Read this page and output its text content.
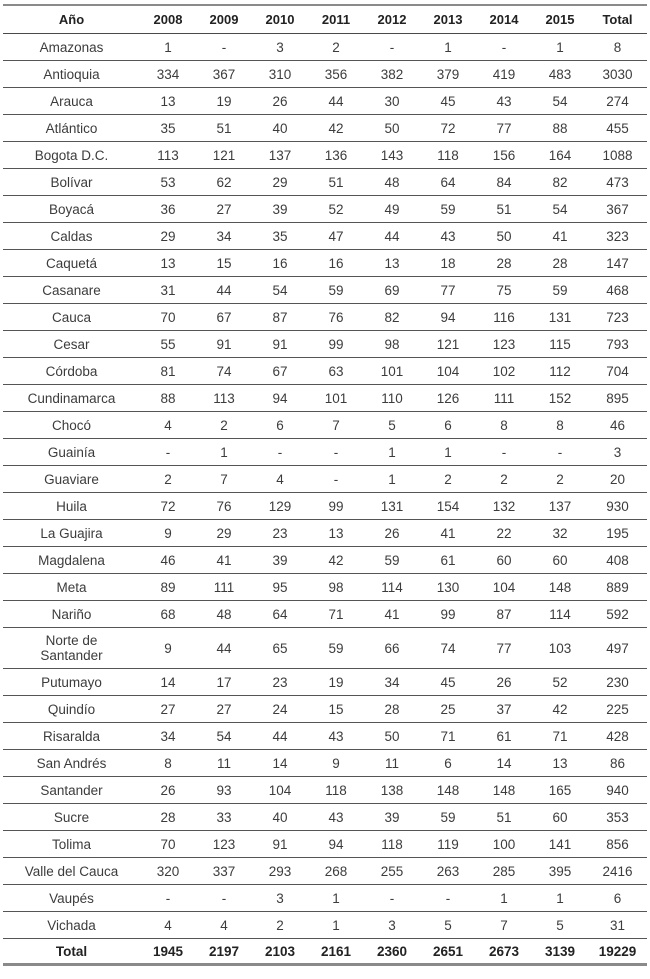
Año	2008	2009	2010	2011	2012	2013	2014	2015	Total
Amazonas	1	-	3	2	-	1	-	1	8
Antioquia	334	367	310	356	382	379	419	483	3030
Arauca	13	19	26	44	30	45	43	54	274
Atlántico	35	51	40	42	50	72	77	88	455
Bogota D.C.	113	121	137	136	143	118	156	164	1088
Bolívar	53	62	29	51	48	64	84	82	473
Boyacá	36	27	39	52	49	59	51	54	367
Caldas	29	34	35	47	44	43	50	41	323
Caquetá	13	15	16	16	13	18	28	28	147
Casanare	31	44	54	59	69	77	75	59	468
Cauca	70	67	87	76	82	94	116	131	723
Cesar	55	91	91	99	98	121	123	115	793
Córdoba	81	74	67	63	101	104	102	112	704
Cundinamarca	88	113	94	101	110	126	111	152	895
Chocó	4	2	6	7	5	6	8	8	46
Guainía	-	1	-	-	1	1	-	-	3
Guaviare	2	7	4	-	1	2	2	2	20
Huila	72	76	129	99	131	154	132	137	930
La Guajira	9	29	23	13	26	41	22	32	195
Magdalena	46	41	39	42	59	61	60	60	408
Meta	89	111	95	98	114	130	104	148	889
Nariño	68	48	64	71	41	99	87	114	592
Norte de
Santander	9	44	65	59	66	74	77	103	497
Putumayo	14	17	23	19	34	45	26	52	230
Quindío	27	27	24	15	28	25	37	42	225
Risaralda	34	54	44	43	50	71	61	71	428
San Andrés	8	11	14	9	11	6	14	13	86
Santander	26	93	104	118	138	148	148	165	940
Sucre	28	33	40	43	39	59	51	60	353
Tolima	70	123	91	94	118	119	100	141	856
Valle del Cauca	320	337	293	268	255	263	285	395	2416
Vaupés	-	-	3	1	-	-	1	1	6
Vichada	4	4	2	1	3	5	7	5	31
Total	1945	2197	2103	2161	2360	2651	2673	3139	19229
